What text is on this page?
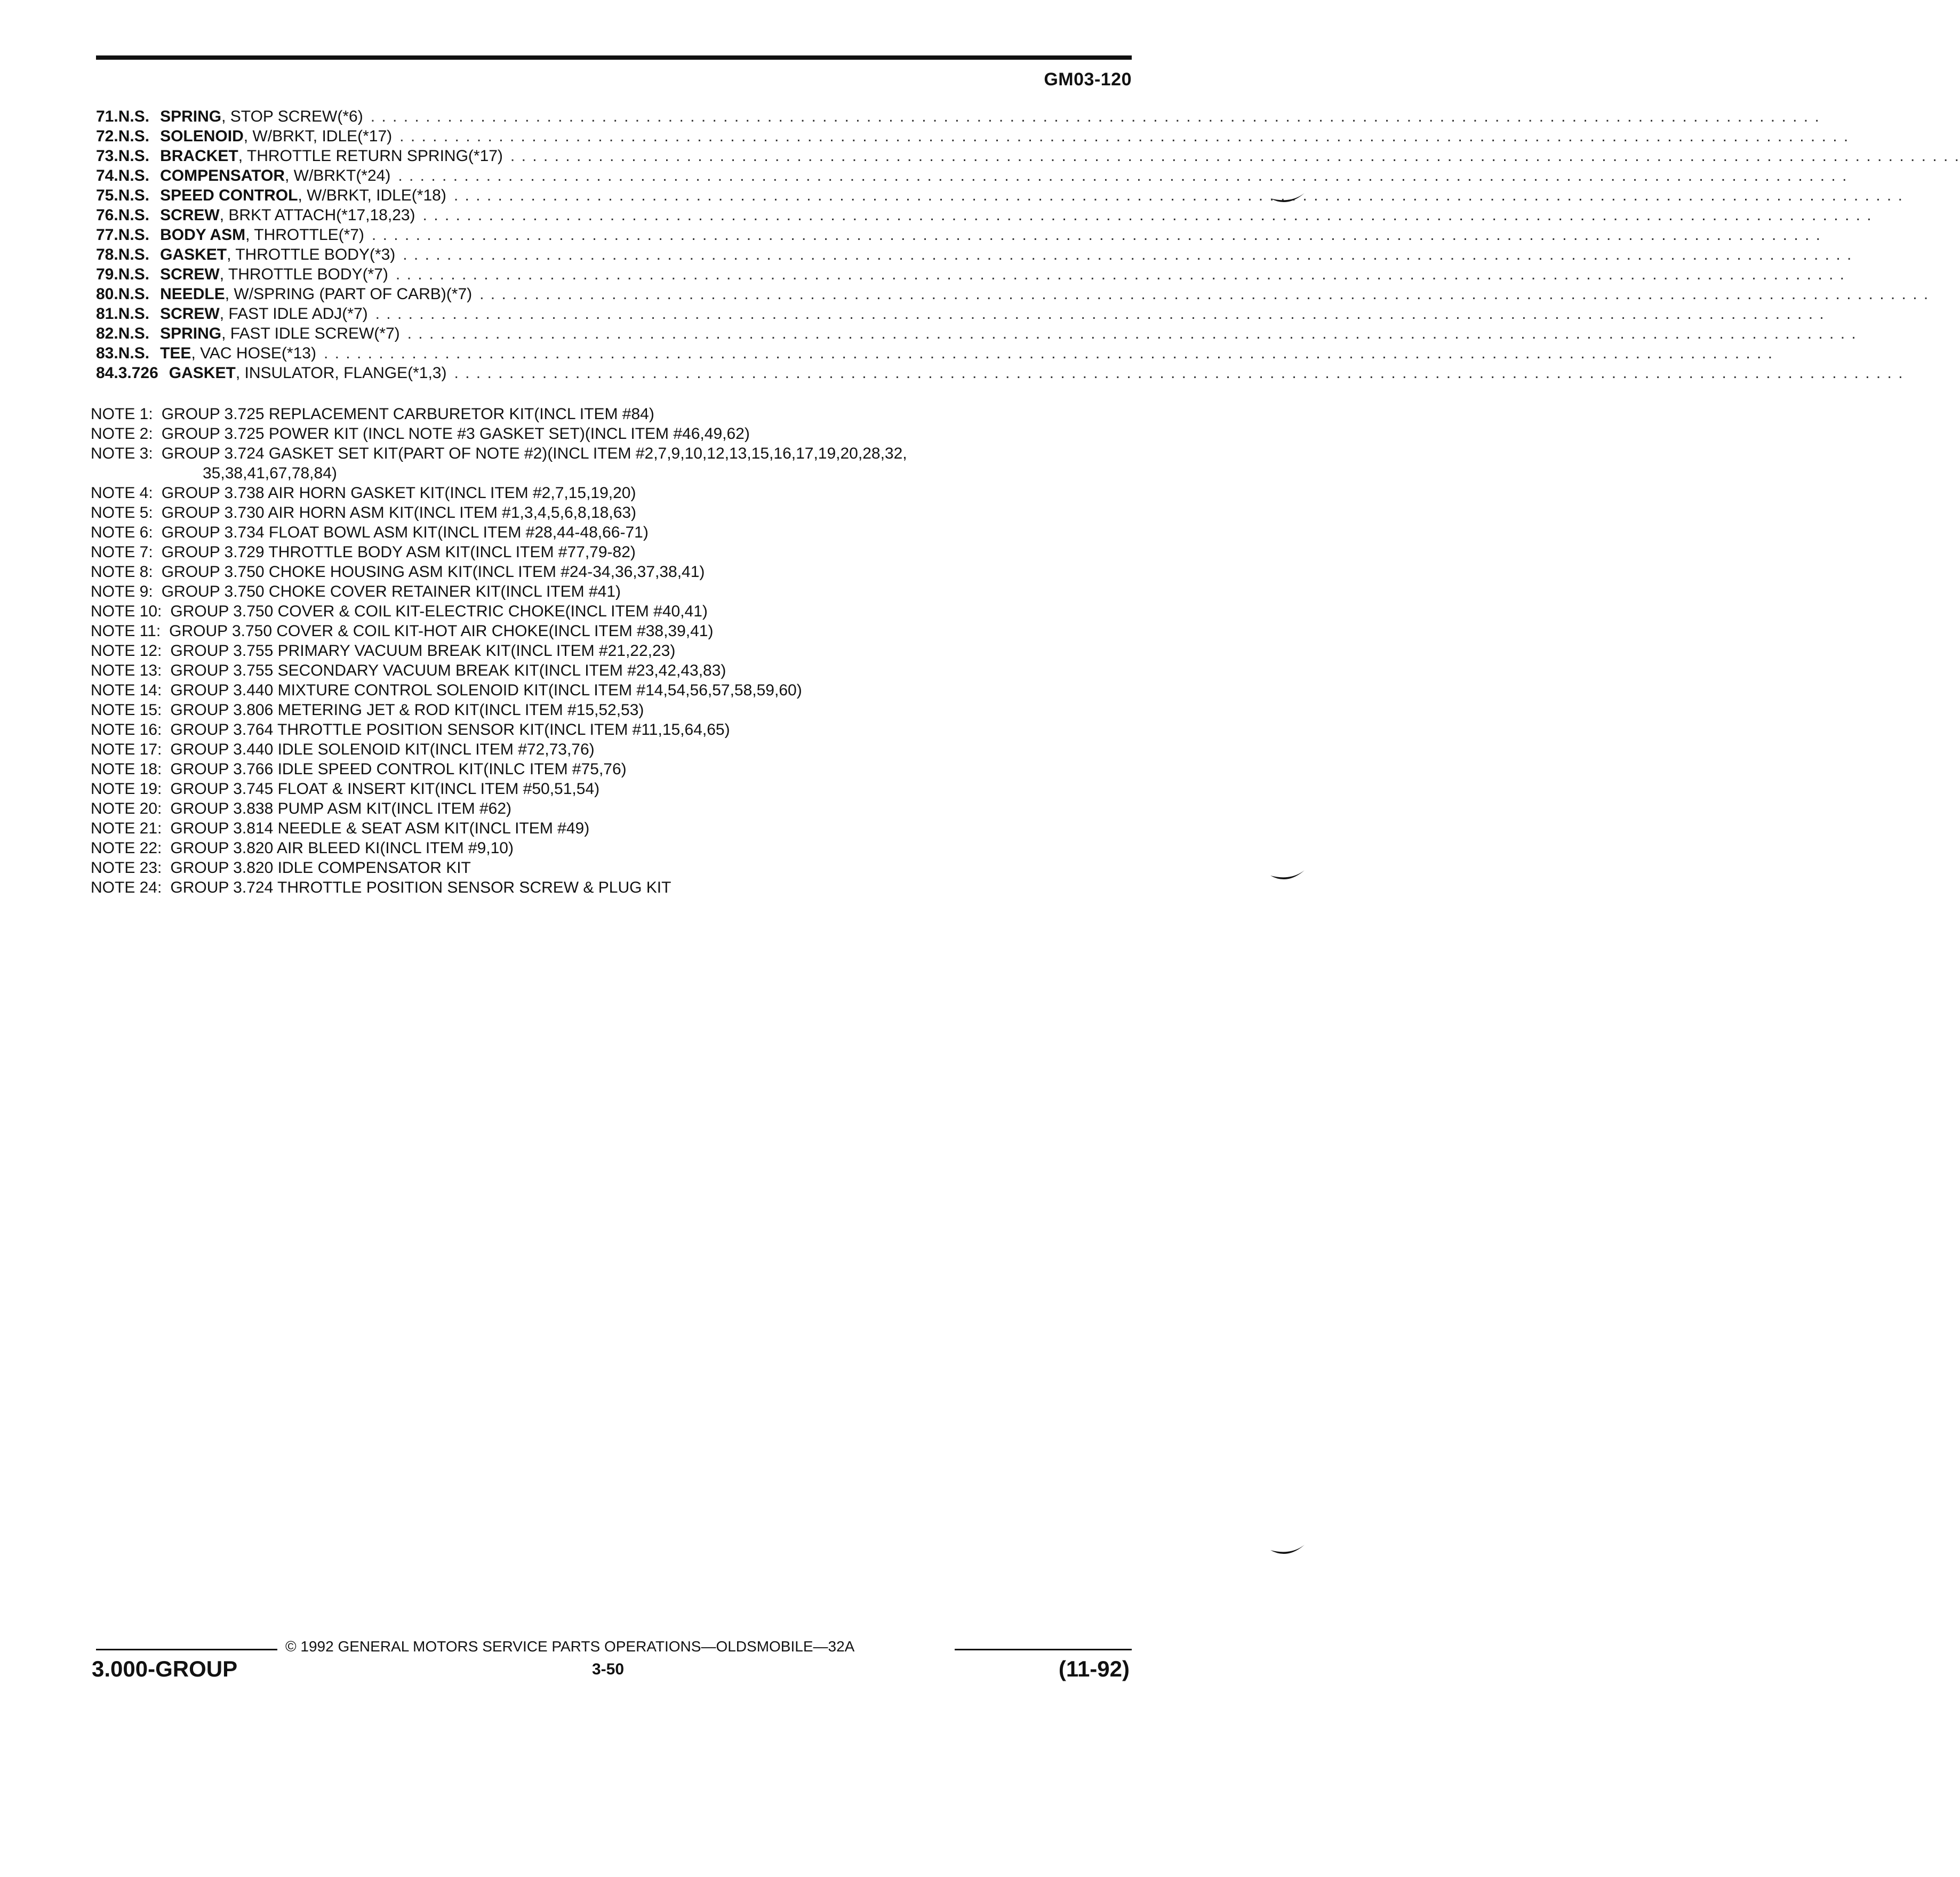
GM03-120
71. N.S. SPRING, STOP SCREW(*6) . . . . . . . . . . . . . . . . . . . . . . . . . . . . . . . . . . . . . . . . . . . . . . . . . . . . . . . . . . . . . . . . . . . . . . . . . . . . . . . . . . . . . . . . . . . . . . . . . . . . . . . . . . . . . . . . . . . . . . . . . . . . . . . . . . . .
72. N.S. SOLENOID, W/BRKT, IDLE(*17) . . . . . . . . . . . . . . . . . . . . . . . . . . . . . . . . . . . . . . . . . . . . . . . . . . . . . . . . . . . . . . . . . . . . . . . . . . . . . . . . . . . . . . . . . . . . . . . . . . . . . . . . . . . . . . . . . . . . . . . . . . . . . . . . . . . .
73. N.S. BRACKET, THROTTLE RETURN SPRING(*17) . . . . . . . . . . . . . . . . . . . . . . . . . . . . . . . . . . . . . . . . . . . . . . . . . . . . . . . . . . . . . . . . . . . . . . . . . . . . . . . . . . . . . . . . . . . . . . . . . . . . . . . . . . . . . . . . . . . . . . . . . . . . . . . . . . . .
74. N.S. COMPENSATOR, W/BRKT(*24) . . . . . . . . . . . . . . . . . . . . . . . . . . . . . . . . . . . . . . . . . . . . . . . . . . . . . . . . . . . . . . . . . . . . . . . . . . . . . . . . . . . . . . . . . . . . . . . . . . . . . . . . . . . . . . . . . . . . . . . . . . . . . . . . . . . .
75. N.S. SPEED CONTROL, W/BRKT, IDLE(*18) . . . . . . . . . . . . . . . . . . . . . . . . . . . . . . . . . . . . . . . . . . . . . . . . . . . . . . . . . . . . . . . . . . . . . . . . . . . . . . . . . . . . . . . . . . . . . . . . . . . . . . . . . . . . . . . . . . . . . . . . . . . . . . . . . . . .
76. N.S. SCREW, BRKT ATTACH(*17,18,23) . . . . . . . . . . . . . . . . . . . . . . . . . . . . . . . . . . . . . . . . . . . . . . . . . . . . . . . . . . . . . . . . . . . . . . . . . . . . . . . . . . . . . . . . . . . . . . . . . . . . . . . . . . . . . . . . . . . . . . . . . . . . . . . . . . . .
77. N.S. BODY ASM, THROTTLE(*7) . . . . . . . . . . . . . . . . . . . . . . . . . . . . . . . . . . . . . . . . . . . . . . . . . . . . . . . . . . . . . . . . . . . . . . . . . . . . . . . . . . . . . . . . . . . . . . . . . . . . . . . . . . . . . . . . . . . . . . . . . . . . . . . . . . . .
78. N.S. GASKET, THROTTLE BODY(*3) . . . . . . . . . . . . . . . . . . . . . . . . . . . . . . . . . . . . . . . . . . . . . . . . . . . . . . . . . . . . . . . . . . . . . . . . . . . . . . . . . . . . . . . . . . . . . . . . . . . . . . . . . . . . . . . . . . . . . . . . . . . . . . . . . . . .
79. N.S. SCREW, THROTTLE BODY(*7) . . . . . . . . . . . . . . . . . . . . . . . . . . . . . . . . . . . . . . . . . . . . . . . . . . . . . . . . . . . . . . . . . . . . . . . . . . . . . . . . . . . . . . . . . . . . . . . . . . . . . . . . . . . . . . . . . . . . . . . . . . . . . . . . . . . .
80. N.S. NEEDLE, W/SPRING (PART OF CARB)(*7) . . . . . . . . . . . . . . . . . . . . . . . . . . . . . . . . . . . . . . . . . . . . . . . . . . . . . . . . . . . . . . . . . . . . . . . . . . . . . . . . . . . . . . . . . . . . . . . . . . . . . . . . . . . . . . . . . . . . . . . . . . . . . . . . . . . .
81. N.S. SCREW, FAST IDLE ADJ(*7) . . . . . . . . . . . . . . . . . . . . . . . . . . . . . . . . . . . . . . . . . . . . . . . . . . . . . . . . . . . . . . . . . . . . . . . . . . . . . . . . . . . . . . . . . . . . . . . . . . . . . . . . . . . . . . . . . . . . . . . . . . . . . . . . . . . .
82. N.S. SPRING, FAST IDLE SCREW(*7) . . . . . . . . . . . . . . . . . . . . . . . . . . . . . . . . . . . . . . . . . . . . . . . . . . . . . . . . . . . . . . . . . . . . . . . . . . . . . . . . . . . . . . . . . . . . . . . . . . . . . . . . . . . . . . . . . . . . . . . . . . . . . . . . . . . .
83. N.S. TEE, VAC HOSE(*13) . . . . . . . . . . . . . . . . . . . . . . . . . . . . . . . . . . . . . . . . . . . . . . . . . . . . . . . . . . . . . . . . . . . . . . . . . . . . . . . . . . . . . . . . . . . . . . . . . . . . . . . . . . . . . . . . . . . . . . . . . . . . . . . . . . . .
84. 3.726 GASKET, INSULATOR, FLANGE(*1,3) . . . . . . . . . . . . . . . . . . . . . . . . . . . . . . . . . . . . . . . . . . . . . . . . . . . . . . . . . . . . . . . . . . . . . . . . . . . . . . . . . . . . . . . . . . . . . . . . . . . . . . . . . . . . . . . . . . . . . . . . . . . . . . . . . . . .
NOTE 1: GROUP 3.725 REPLACEMENT CARBURETOR KIT(INCL ITEM #84)
NOTE 2: GROUP 3.725 POWER KIT (INCL NOTE #3 GASKET SET)(INCL ITEM #46,49,62)
NOTE 3: GROUP 3.724 GASKET SET KIT(PART OF NOTE #2)(INCL ITEM #2,7,9,10,12,13,15,16,17,19,20,28,32,
35,38,41,67,78,84)
NOTE 4: GROUP 3.738 AIR HORN GASKET KIT(INCL ITEM #2,7,15,19,20)
NOTE 5: GROUP 3.730 AIR HORN ASM KIT(INCL ITEM #1,3,4,5,6,8,18,63)
NOTE 6: GROUP 3.734 FLOAT BOWL ASM KIT(INCL ITEM #28,44-48,66-71)
NOTE 7: GROUP 3.729 THROTTLE BODY ASM KIT(INCL ITEM #77,79-82)
NOTE 8: GROUP 3.750 CHOKE HOUSING ASM KIT(INCL ITEM #24-34,36,37,38,41)
NOTE 9: GROUP 3.750 CHOKE COVER RETAINER KIT(INCL ITEM #41)
NOTE 10: GROUP 3.750 COVER & COIL KIT-ELECTRIC CHOKE(INCL ITEM #40,41)
NOTE 11: GROUP 3.750 COVER & COIL KIT-HOT AIR CHOKE(INCL ITEM #38,39,41)
NOTE 12: GROUP 3.755 PRIMARY VACUUM BREAK KIT(INCL ITEM #21,22,23)
NOTE 13: GROUP 3.755 SECONDARY VACUUM BREAK KIT(INCL ITEM #23,42,43,83)
NOTE 14: GROUP 3.440 MIXTURE CONTROL SOLENOID KIT(INCL ITEM #14,54,56,57,58,59,60)
NOTE 15: GROUP 3.806 METERING JET & ROD KIT(INCL ITEM #15,52,53)
NOTE 16: GROUP 3.764 THROTTLE POSITION SENSOR KIT(INCL ITEM #11,15,64,65)
NOTE 17: GROUP 3.440 IDLE SOLENOID KIT(INCL ITEM #72,73,76)
NOTE 18: GROUP 3.766 IDLE SPEED CONTROL KIT(INLC ITEM #75,76)
NOTE 19: GROUP 3.745 FLOAT & INSERT KIT(INCL ITEM #50,51,54)
NOTE 20: GROUP 3.838 PUMP ASM KIT(INCL ITEM #62)
NOTE 21: GROUP 3.814 NEEDLE & SEAT ASM KIT(INCL ITEM #49)
NOTE 22: GROUP 3.820 AIR BLEED KI(INCL ITEM #9,10)
NOTE 23: GROUP 3.820 IDLE COMPENSATOR KIT
NOTE 24: GROUP 3.724 THROTTLE POSITION SENSOR SCREW & PLUG KIT
© 1992 GENERAL MOTORS SERVICE PARTS OPERATIONS—OLDSMOBILE—32A
3.000-GROUP	3-50	(11-92)
